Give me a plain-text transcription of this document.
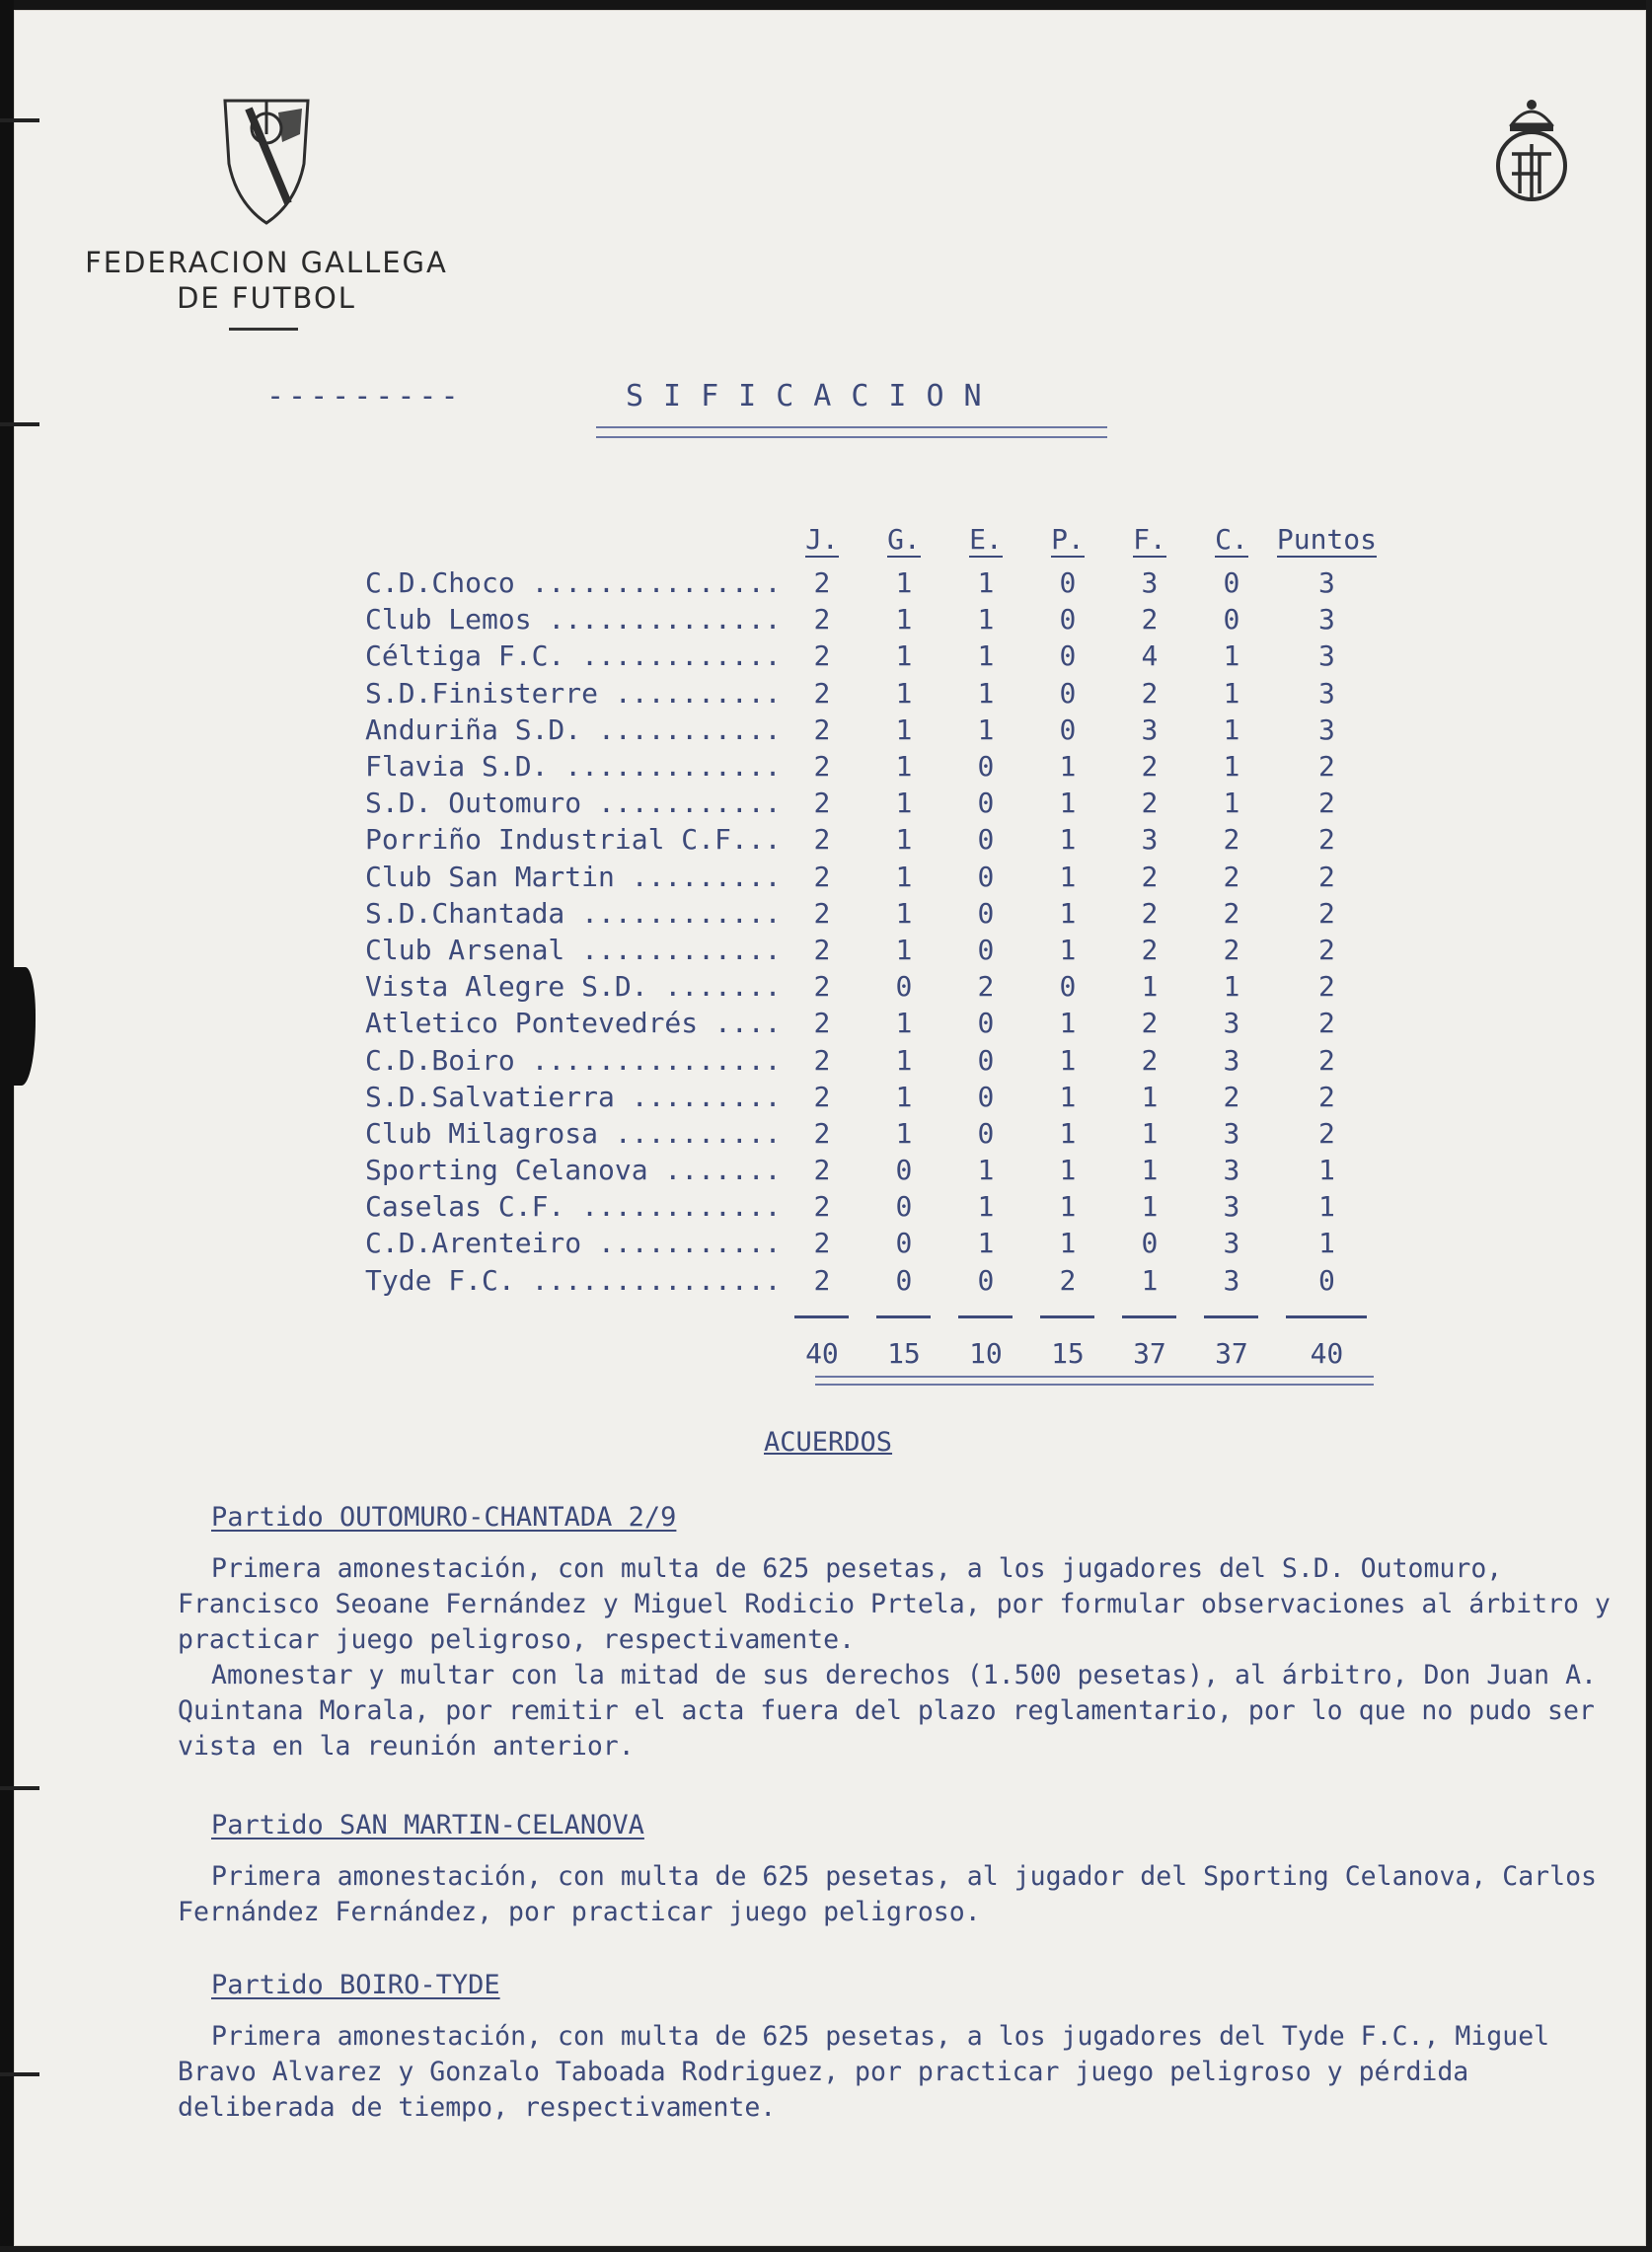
FEDERACION GALLEGA
DE FUTBOL
---------	SIFICACION
	J.	G.	E.	P.	F.	C.	Puntos
C.D.Choco ...............	2	1	1	0	3	0	3
Club Lemos ..............	2	1	1	0	2	0	3
Céltiga F.C. ............	2	1	1	0	4	1	3
S.D.Finisterre ..........	2	1	1	0	2	1	3
Anduriña S.D. ...........	2	1	1	0	3	1	3
Flavia S.D. .............	2	1	0	1	2	1	2
S.D. Outomuro ...........	2	1	0	1	2	1	2
Porriño Industrial C.F...	2	1	0	1	3	2	2
Club San Martin .........	2	1	0	1	2	2	2
S.D.Chantada ............	2	1	0	1	2	2	2
Club Arsenal ............	2	1	0	1	2	2	2
Vista Alegre S.D. .......	2	0	2	0	1	1	2
Atletico Pontevedrés ....	2	1	0	1	2	3	2
C.D.Boiro ...............	2	1	0	1	2	3	2
S.D.Salvatierra .........	2	1	0	1	1	2	2
Club Milagrosa ..........	2	1	0	1	1	3	2
Sporting Celanova .......	2	0	1	1	1	3	1
Caselas C.F. ............	2	0	1	1	1	3	1
C.D.Arenteiro ...........	2	0	1	1	0	3	1
Tyde F.C. ...............	2	0	0	2	1	3	0

	40	15	10	15	37	37	40
ACUERDOS
Partido OUTOMURO-CHANTADA 2/9
Primera amonestación, con multa de 625 pesetas, a los jugadores del S.D. Outomuro, Francisco Seoane Fernández y Miguel Rodicio Prtela, por formular observaciones al árbitro y practicar juego peligroso, respectivamente.
Amonestar y multar con la mitad de sus derechos (1.500 pesetas), al árbitro, Don Juan A. Quintana Morala, por remitir el acta fuera del plazo reglamentario, por lo que no pudo ser vista en la reunión anterior.
Partido SAN MARTIN-CELANOVA
Primera amonestación, con multa de 625 pesetas, al jugador del Sporting Celanova, Carlos Fernández Fernández, por practicar juego peligroso.
Partido BOIRO-TYDE
Primera amonestación, con multa de 625 pesetas, a los jugadores del Tyde F.C., Miguel Bravo Alvarez y Gonzalo Taboada Rodriguez, por practicar juego peligroso y pérdida deliberada de tiempo, respectivamente.
